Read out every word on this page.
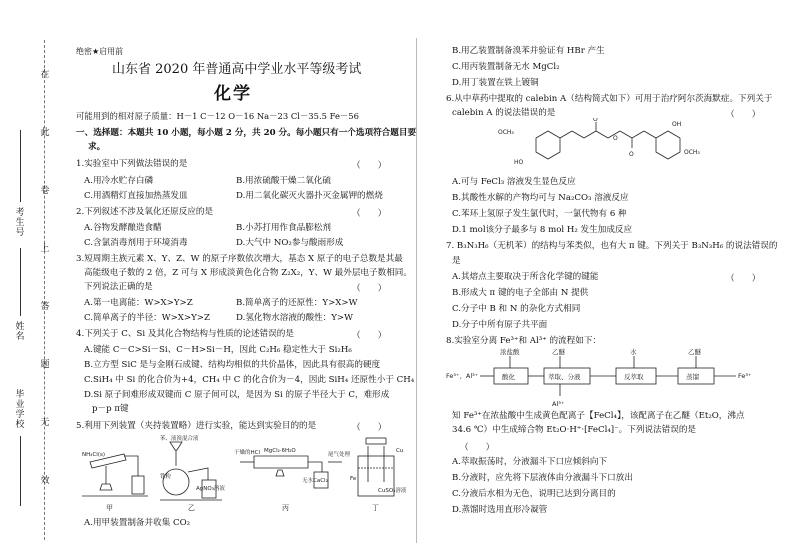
在
此
卷
上
答
题
无
效
考生号
姓名
毕业学校
绝密★启用前
山东省 2020 年普通高中学业水平等级考试
化学
可能用到的相对原子质量：H－1 C－12 O－16 Na－23 Cl－35.5 Fe－56
一、选择题：本题共 10 小题，每小题 2 分，共 20 分。每小题只有一个选项符合题目要
求。
1.实验室中下列做法错误的是	（　　）
A.用冷水贮存白磷	B.用浓硫酸干燥二氧化硫
C.用酒精灯直接加热蒸发皿	D.用二氧化碳灭火器扑灭金属钾的燃烧
2.下列叙述不涉及氧化还原反应的是	（　　）
A.谷物发酵酿造食醋	B.小苏打用作食品膨松剂
C.含氯消毒剂用于环境消毒	D.大气中 NO₂参与酸雨形成
3.短周期主族元素 X、Y、Z、W 的原子序数依次增大，基态 X 原子的电子总数是其最
高能级电子数的 2 倍，Z 可与 X 形成淡黄色化合物 Z₂X₂，Y、W 最外层电子数相同。
下列说法正确的是	（　　）
A.第一电离能：W>X>Y>Z	B.简单离子的还原性：Y>X>W
C.简单离子的半径：W>X>Y>Z	D.氢化物水溶液的酸性：Y>W
4.下列关于 C、Si 及其化合物结构与性质的论述错误的是	（　　）
A.键能 C－C>Si－Si、C－H>Si－H，因此 C₂H₆ 稳定性大于 Si₂H₆
B.立方型 SiC 是与金刚石成键、结构均相似的共价晶体，因此具有很高的硬度
C.SiH₄ 中 Si 的化合价为+4，CH₄ 中 C 的化合价为－4，因此 SiH₄ 还原性小于 CH₄
D.Si 原子间难形成双键而 C 原子间可以，是因为 Si 的原子半径大于 C，难形成
p－p π键
5.利用下列装置（夹持装置略）进行实验，能达到实验目的的是	（　　）
NH₄Cl(s)
苯、液溴混合液
铁粉
AgNO₃溶液
干燥的HCl MgCl₂·6H₂O
无水CaCl₂
尾气处理
Cu
Fe
CuSO₄溶液
甲	乙	丙	丁
A.用甲装置制备并收集 CO₂
B.用乙装置制备溴苯并验证有 HBr 产生
C.用丙装置制备无水 MgCl₂
D.用丁装置在铁上镀铜
6.从中草药中提取的 calebin A（结构简式如下）可用于治疗阿尔茨海默症。下列关于
calebin A 的说法错误的是	（　　）
OCH₃
HO
O
O
O
OH
OCH₃
A.可与 FeCl₃ 溶液发生显色反应
B.其酸性水解的产物均可与 Na₂CO₃ 溶液反应
C.苯环上氢原子发生氯代时，一氯代物有 6 种
D.1 mol该分子最多与 8 mol H₂ 发生加成反应
7. B₃N₃H₆（无机苯）的结构与苯类似，也有大 π 键。下列关于 B₃N₃H₆ 的说法错误的
是
A.其熔点主要取决于所含化学键的键能	（　　）
B.形成大 π 键的电子全部由 N 提供
C.分子中 B 和 N 的杂化方式相同
D.分子中所有原子共平面
8.实验室分离 Fe³⁺和 Al³⁺ 的流程如下：
Fe³⁺、Al³⁺
浓盐酸	乙醚	水	乙醚
酸化	萃取、分液	反萃取	蒸馏
Al³⁺
Fe³⁺
知 Fe³⁺在浓盐酸中生成黄色配离子【FeCl₄】，该配离子在乙醚（Et₂O，沸点
34.6 ℃）中生成缔合物 Et₂O·H⁺·[FeCl₄]⁻。下列说法错误的是
（　　）
A.萃取振荡时，分液漏斗下口应倾斜向下
B.分液时，应先将下层液体由分液漏斗下口放出
C.分液后水相为无色，说明已达到分离目的
D.蒸馏时选用直形冷凝管
